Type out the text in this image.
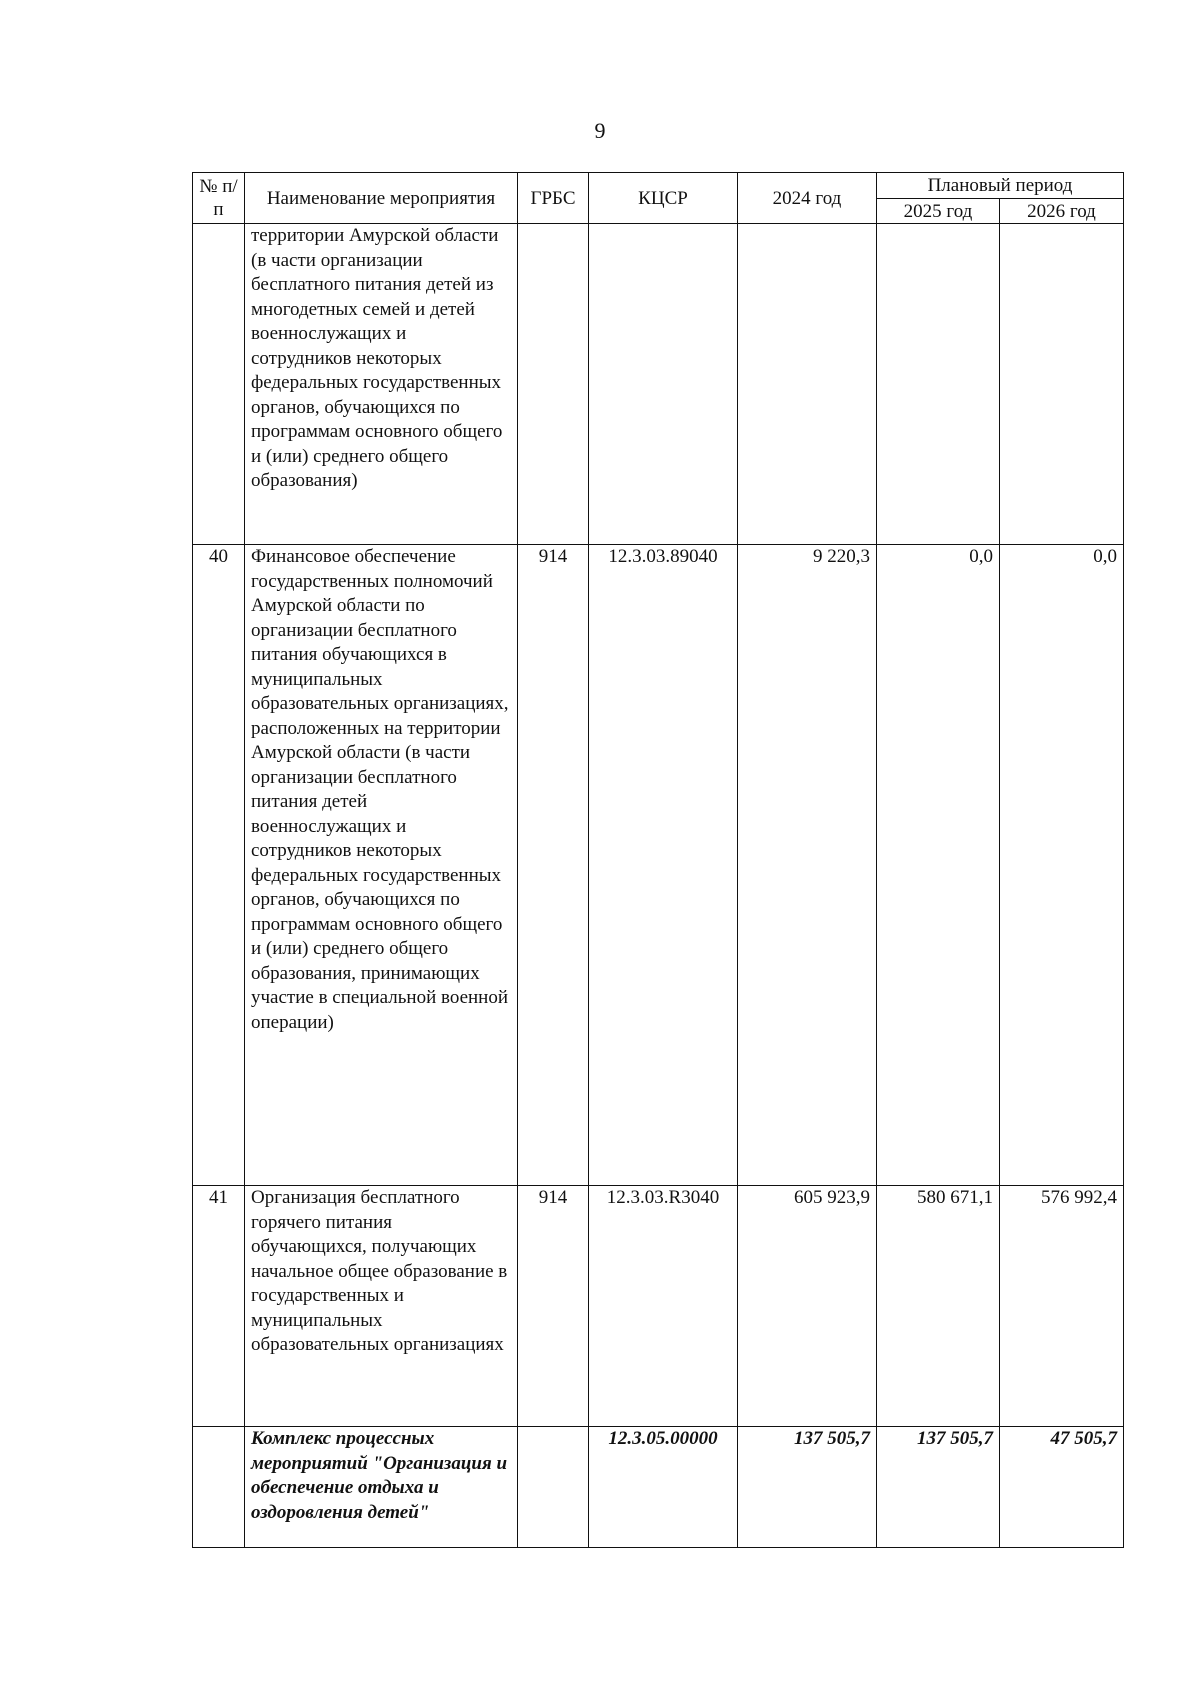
9
№ п/п	Наименование мероприятия	ГРБС	КЦСР	2024 год	Плановый период	
					2025 год	2026 год
	территории Амурской области (в части организации бесплатного питания детей из многодетных семей и детей военнослужащих и сотрудников некоторых федеральных государственных органов, обучающихся по программам основного общего и (или) среднего общего образования)					
40	Финансовое обеспечение государственных полномочий Амурской области по организации бесплатного питания обучающихся в муниципальных образовательных организациях, расположенных на территории Амурской области (в части организации бесплатного питания детей военнослужащих и сотрудников некоторых федеральных государственных органов, обучающихся по программам основного общего и (или) среднего общего образования, принимающих участие в специальной военной операции)	914	12.3.03.89040	9 220,3	0,0	0,0
41	Организация бесплатного горячего питания обучающихся, получающих начальное общее образование в государственных и муниципальных образовательных организациях	914	12.3.03.R3040	605 923,9	580 671,1	576 992,4
	Комплекс процессных мероприятий "Организация и обеспечение отдыха и оздоровления детей"		12.3.05.00000	137 505,7	137 505,7	47 505,7
